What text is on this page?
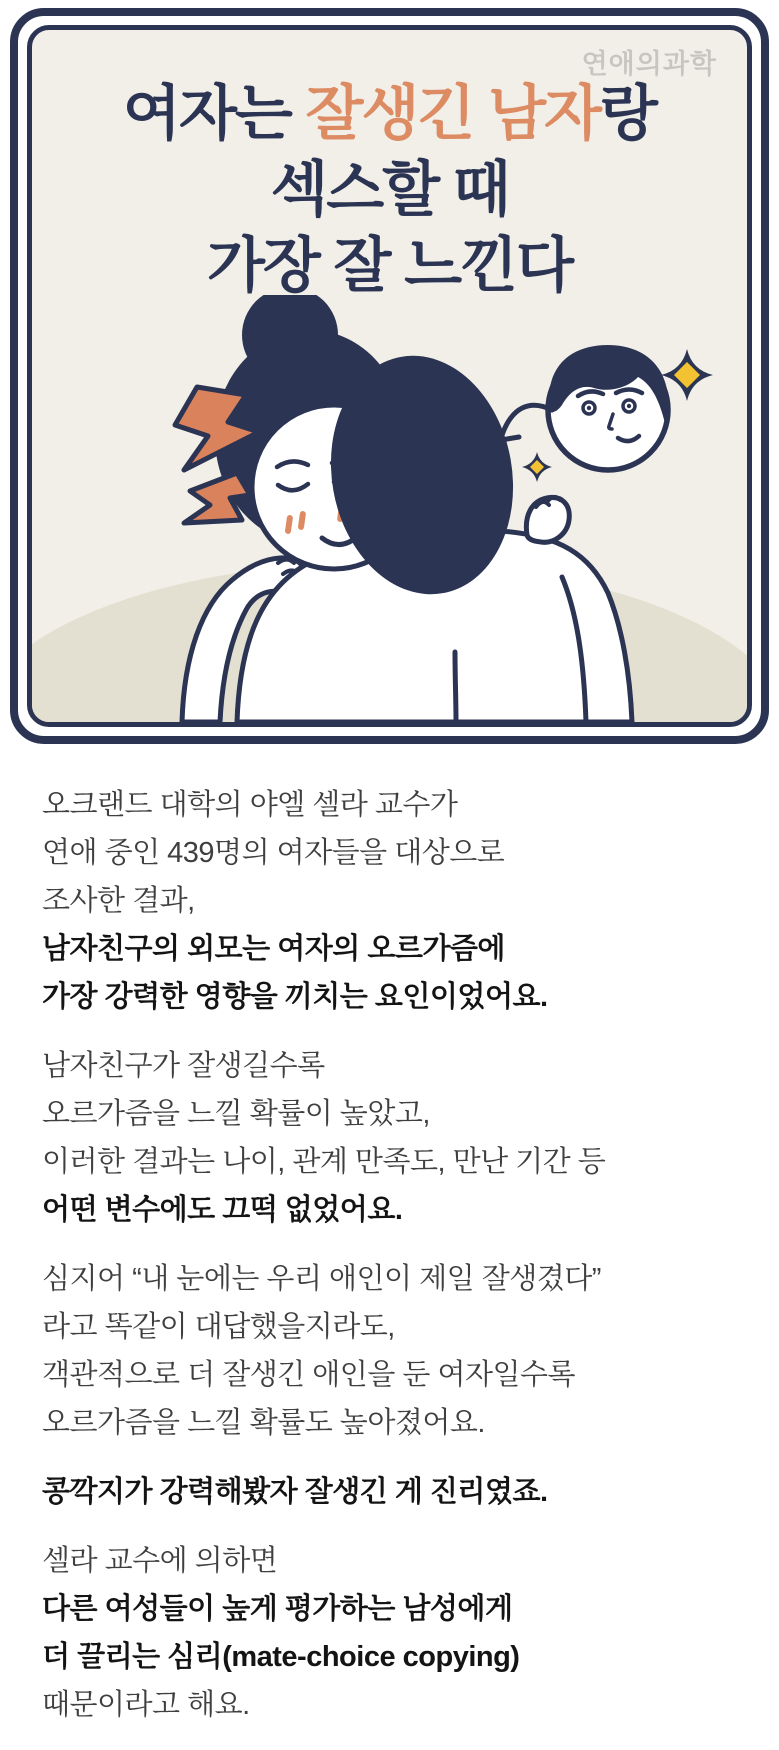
연애의과학
여자는 잘생긴 남자랑
섹스할 때
가장 잘 느낀다

오크랜드 대학의 야엘 셀라 교수가

연애 중인 439명의 여자들을 대상으로

조사한 결과,

남자친구의 외모는 여자의 오르가즘에

가장 강력한 영향을 끼치는 요인이었어요.

남자친구가 잘생길수록

오르가즘을 느낄 확률이 높았고,

이러한 결과는 나이, 관계 만족도, 만난 기간 등

어떤 변수에도 끄떡 없었어요.

심지어 “내 눈에는 우리 애인이 제일 잘생겼다”

라고 똑같이 대답했을지라도,

객관적으로 더 잘생긴 애인을 둔 여자일수록

오르가즘을 느낄 확률도 높아졌어요.

콩깍지가 강력해봤자 잘생긴 게 진리였죠.

셀라 교수에 의하면

다른 여성들이 높게 평가하는 남성에게

더 끌리는 심리(mate-choice copying)

때문이라고 해요.
